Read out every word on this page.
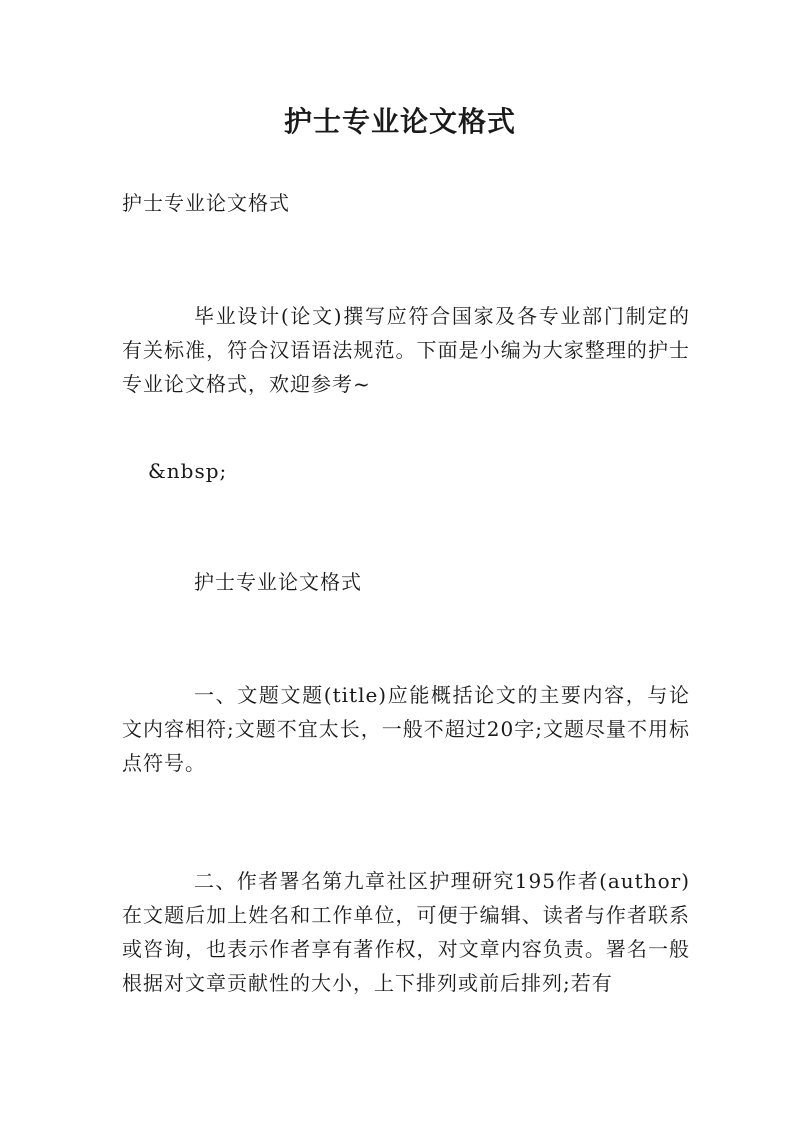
护士专业论文格式

护士专业论文格式

毕业设计(论文)撰写应符合国家及各专业部门制定的有关标准，符合汉语语法规范。下面是小编为大家整理的护士专业论文格式，欢迎参考~

&nbsp;

护士专业论文格式

一、文题文题(title)应能概括论文的主要内容，与论文内容相符;文题不宜太长，一般不超过20字;文题尽量不用标点符号。

二、作者署名第九章社区护理研究195作者(author)在文题后加上姓名和工作单位，可便于编辑、读者与作者联系或咨询，也表示作者享有著作权，对文章内容负责。署名一般根据对文章贡献性的大小，上下排列或前后排列;若有
